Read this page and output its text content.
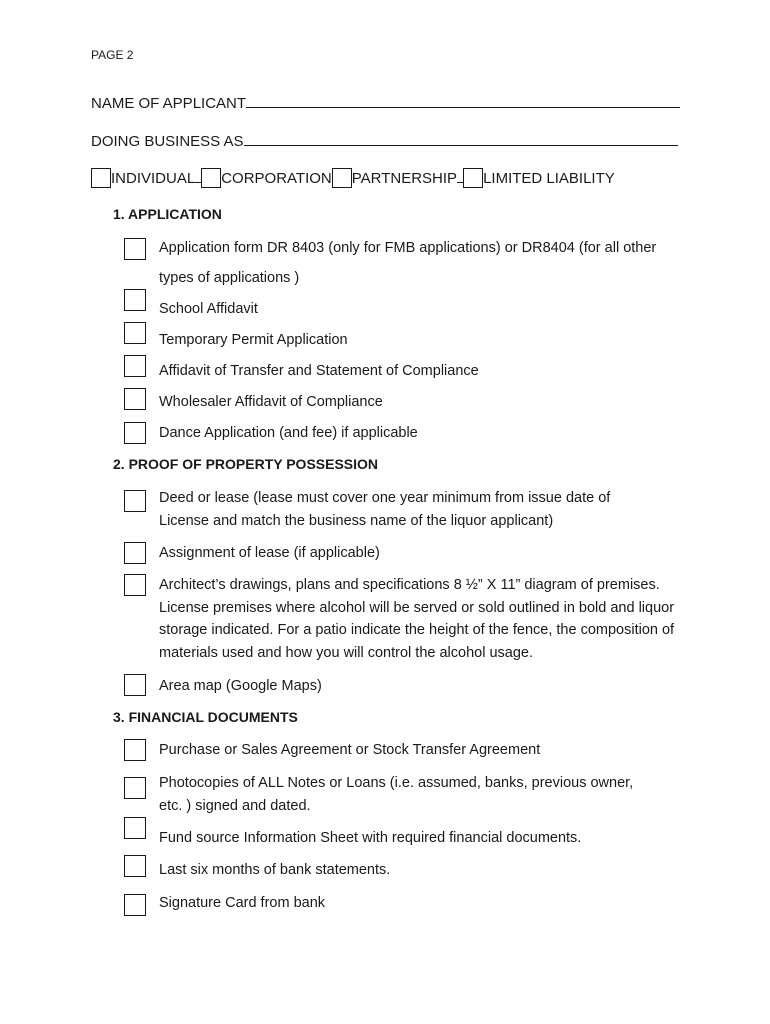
PAGE 2
NAME OF APPLICANT
DOING BUSINESS AS
INDIVIDUAL CORPORATION PARTNERSHIP LIMITED LIABILITY
1. APPLICATION
Application form DR 8403 (only for FMB applications) or DR8404 (for all other types of applications )
School Affidavit
Temporary Permit Application
Affidavit of Transfer and Statement of Compliance
Wholesaler Affidavit of Compliance
Dance Application (and fee) if applicable
2. PROOF OF PROPERTY POSSESSION
Deed or lease (lease must cover one year minimum from issue date of License and match the business name of the liquor applicant)
Assignment of lease (if applicable)
Architect’s drawings, plans and specifications 8 ½” X 11” diagram of premises. License premises where alcohol will be served or sold outlined in bold and liquor storage indicated. For a patio indicate the height of the fence, the composition of materials used and how you will control the alcohol usage.
Area map (Google Maps)
3. FINANCIAL DOCUMENTS
Purchase or Sales Agreement or Stock Transfer Agreement
Photocopies of ALL Notes or Loans (i.e. assumed, banks, previous owner, etc. ) signed and dated.
Fund source Information Sheet with required financial documents.
Last six months of bank statements.
Signature Card from bank
